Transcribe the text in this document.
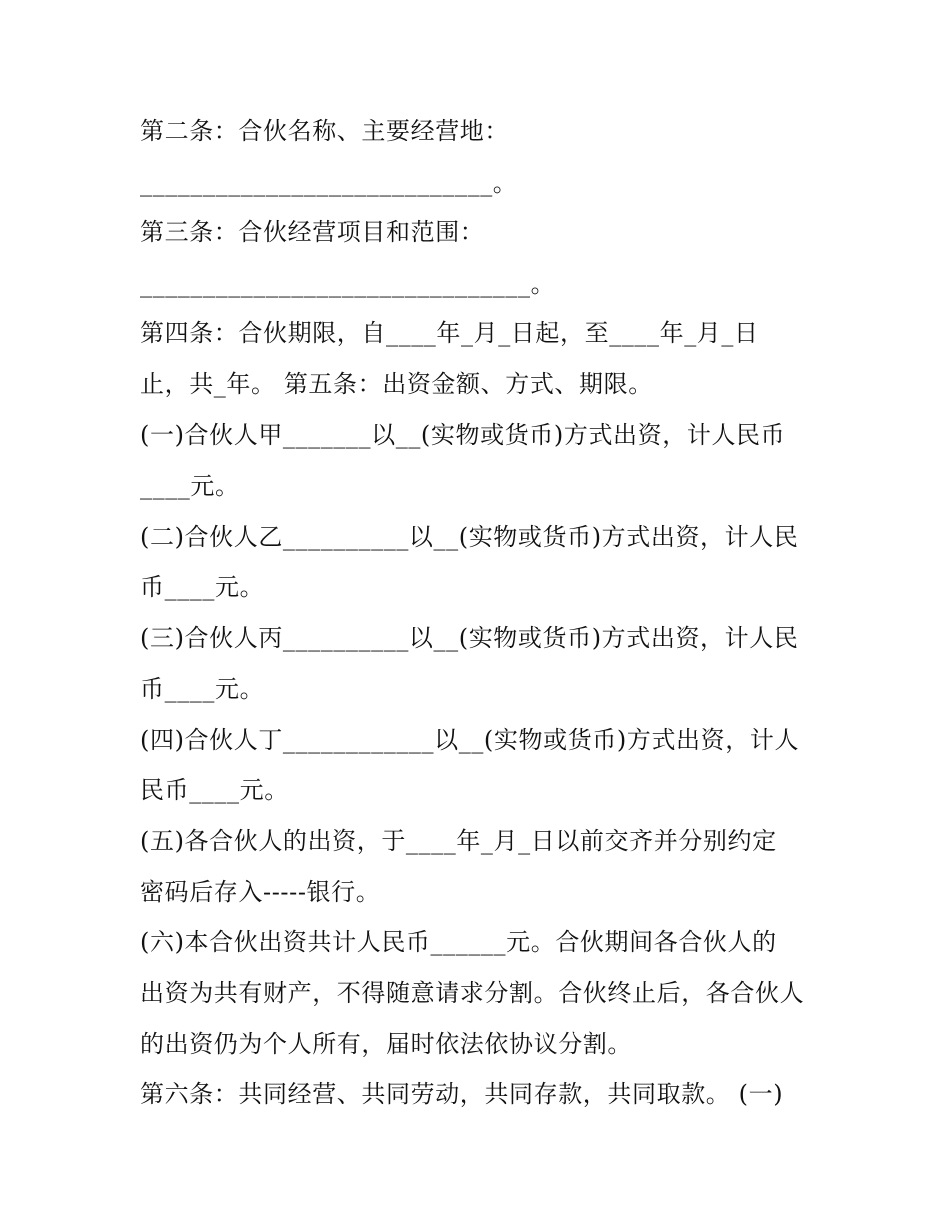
第二条：合伙名称、主要经营地：
____________________________。
第三条：合伙经营项目和范围：
_______________________________。
第四条：合伙期限，自____年_月_日起，至____年_月_日
止，共_年。 第五条：出资金额、方式、期限。
(一)合伙人甲_______以__(实物或货币)方式出资，计人民币
____元。
(二)合伙人乙__________以__(实物或货币)方式出资，计人民
币____元。
(三)合伙人丙__________以__(实物或货币)方式出资，计人民
币____元。
(四)合伙人丁____________以__(实物或货币)方式出资，计人
民币____元。
(五)各合伙人的出资，于____年_月_日以前交齐并分别约定
密码后存入-----银行。
(六)本合伙出资共计人民币______元。合伙期间各合伙人的
出资为共有财产，不得随意请求分割。合伙终止后，各合伙人
的出资仍为个人所有，届时依法依协议分割。
第六条：共同经营、共同劳动，共同存款，共同取款。 (一)
